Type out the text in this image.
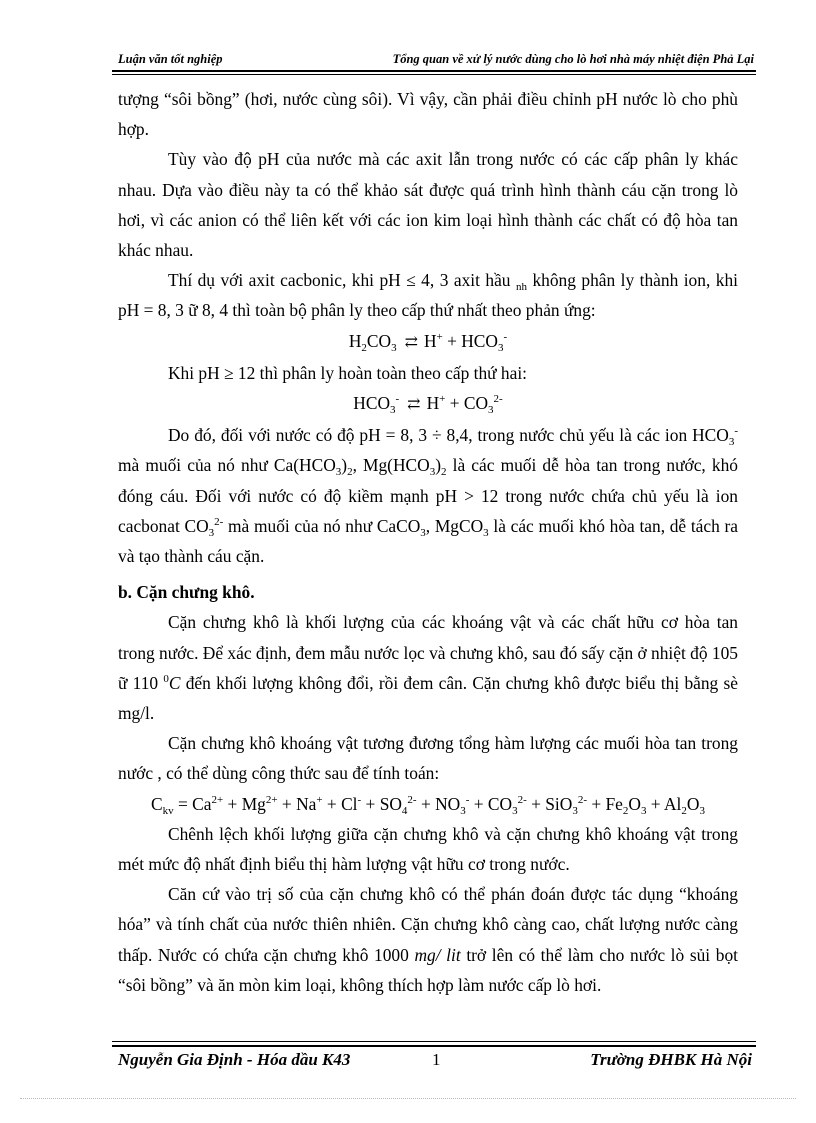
Luận văn tốt nghiệp	Tổng quan về xử lý nước dùng cho lò hơi nhà máy nhiệt điện Phả Lại

tượng “sôi bồng” (hơi, nước cùng sôi). Vì vậy, cần phải điều chỉnh pH nước lò cho phù hợp.

Tùy vào độ pH của nước mà các axit lẫn trong nước có các cấp phân ly khác nhau. Dựa vào điều này ta có thể khảo sát được quá trình hình thành cáu cặn trong lò hơi, vì các anion có thể liên kết với các ion kim loại hình thành các chất có độ hòa tan khác nhau.

Thí dụ với axit cacbonic, khi pH ≤ 4, 3 axit hầu $_{nh}$ không phân ly thành ion, khi pH = 8, 3 ữ 8, 4 thì toàn bộ phân ly theo cấp thứ nhất theo phản ứng:

$H_2CO_3$ ⇄ $H^+ + HCO_3^-$

Khi pH ≥ 12 thì phân ly hoàn toàn theo cấp thứ hai:

$HCO_3^-$ ⇄ $H^+ + CO_3^{2-}$

Do đó, đối với nước có độ pH = 8, 3 ÷ 8,4, trong nước chủ yếu là các ion $HCO_3^-$ mà muối của nó như $Ca(HCO_3)_2$, $Mg(HCO_3)_2$ là các muối dễ hòa tan trong nước, khó đóng cáu. Đối với nước có độ kiềm mạnh pH > 12 trong nước chứa chủ yếu là ion cacbonat $CO_3^{2-}$ mà muối của nó như CaCO$_3$, MgCO$_3$ là các muối khó hòa tan, dễ tách ra và tạo thành cáu cặn.

b. Cặn chưng khô.

Cặn chưng khô là khối lượng của các khoáng vật và các chất hữu cơ hòa tan trong nước. Để xác định, đem mẫu nước lọc và chưng khô, sau đó sấy cặn ở nhiệt độ 105 ữ 110 $^0$C đến khối lượng không đổi, rồi đem cân. Cặn chưng khô được biểu thị bằng sè mg/l.

Cặn chưng khô khoáng vật tương đương tổng hàm lượng các muối hòa tan trong nước , có thể dùng công thức sau để tính toán:

$C_{kv} = Ca^{2+} + Mg^{2+} + Na^+ + Cl^- + SO_4^{2-} + NO_3^- + CO_3^{2-} + SiO_3^{2-} + Fe_2O_3 + Al_2O_3$

Chênh lệch khối lượng giữa cặn chưng khô và cặn chưng khô khoáng vật trong mét mức độ nhất định biểu thị hàm lượng vật hữu cơ trong nước.

Căn cứ vào trị số của cặn chưng khô có thể phán đoán được tác dụng “khoáng hóa” và tính chất của nước thiên nhiên. Cặn chưng khô càng cao, chất lượng nước càng thấp. Nước có chứa cặn chưng khô 1000 mg/ lit trở lên có thể làm cho nước lò sủi bọt “sôi bồng” và ăn mòn kim loại, không thích hợp làm nước cấp lò hơi.

Nguyễn Gia Định - Hóa dầu K43	1	Trường ĐHBK Hà Nội
